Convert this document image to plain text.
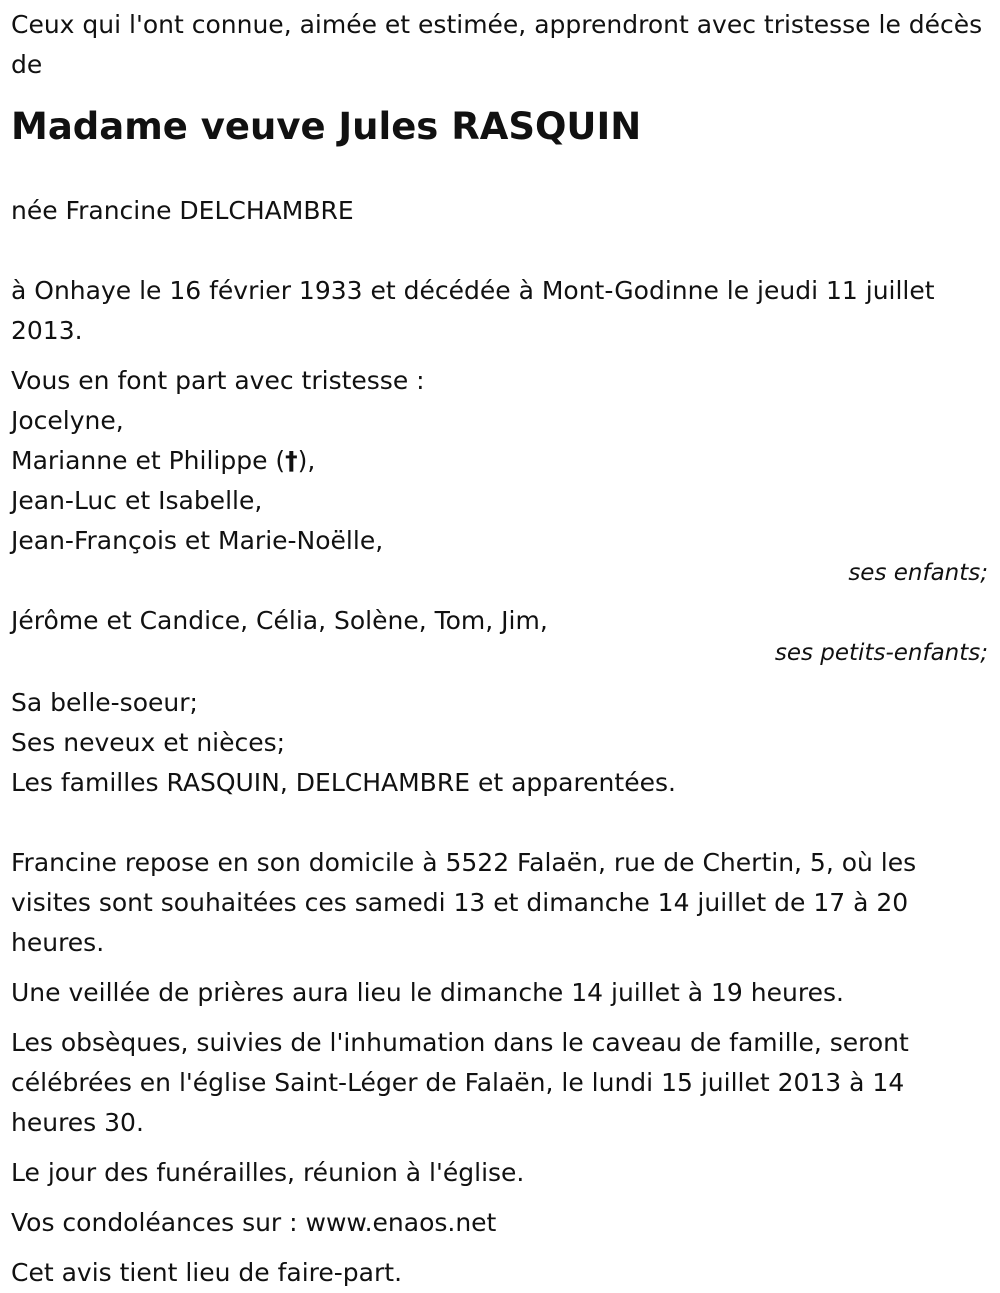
Ceux qui l'ont connue, aimée et estimée, apprendront avec tristesse le décès de

Madame veuve Jules RASQUIN

née Francine DELCHAMBRE

à Onhaye le 16 février 1933 et décédée à Mont-Godinne le jeudi 11 juillet 2013.

Vous en font part avec tristesse :

Jocelyne,

Marianne et Philippe (†),

Jean-Luc et Isabelle,

Jean-François et Marie-Noëlle,

ses enfants;

Jérôme et Candice, Célia, Solène, Tom, Jim,

ses petits-enfants;

Sa belle-soeur;

Ses neveux et nièces;

Les familles RASQUIN, DELCHAMBRE et apparentées.

Francine repose en son domicile à 5522 Falaën, rue de Chertin, 5, où les visites sont souhaitées ces samedi 13 et dimanche 14 juillet de 17 à 20 heures.

Une veillée de prières aura lieu le dimanche 14 juillet à 19 heures.

Les obsèques, suivies de l'inhumation dans le caveau de famille, seront célébrées en l'église Saint-Léger de Falaën, le lundi 15 juillet 2013 à 14 heures 30.

Le jour des funérailles, réunion à l'église.

Vos condoléances sur : www.enaos.net

Cet avis tient lieu de faire-part.
